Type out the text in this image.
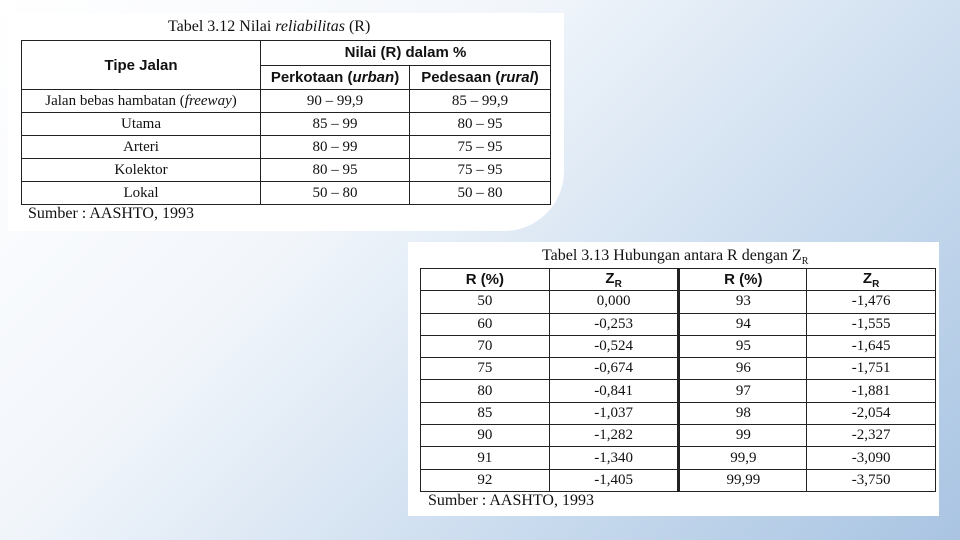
Tabel 3.12 Nilai reliabilitas (R)
Tipe Jalan	Nilai (R) dalam %	
	Perkotaan (urban)	Pedesaan (rural)
Jalan bebas hambatan (freeway)	90 – 99,9	85 – 99,9
Utama	85 – 99	80 – 95
Arteri	80 – 99	75 – 95
Kolektor	80 – 95	75 – 95
Lokal	50 – 80	50 – 80
Sumber : AASHTO, 1993
Tabel 3.13 Hubungan antara R dengan $Z_R$
R (%)	$Z_R$	R (%)	$Z_R$
50	0,000	93	-1,476
60	-0,253	94	-1,555
70	-0,524	95	-1,645
75	-0,674	96	-1,751
80	-0,841	97	-1,881
85	-1,037	98	-2,054
90	-1,282	99	-2,327
91	-1,340	99,9	-3,090
92	-1,405	99,99	-3,750
Sumber : AASHTO, 1993
